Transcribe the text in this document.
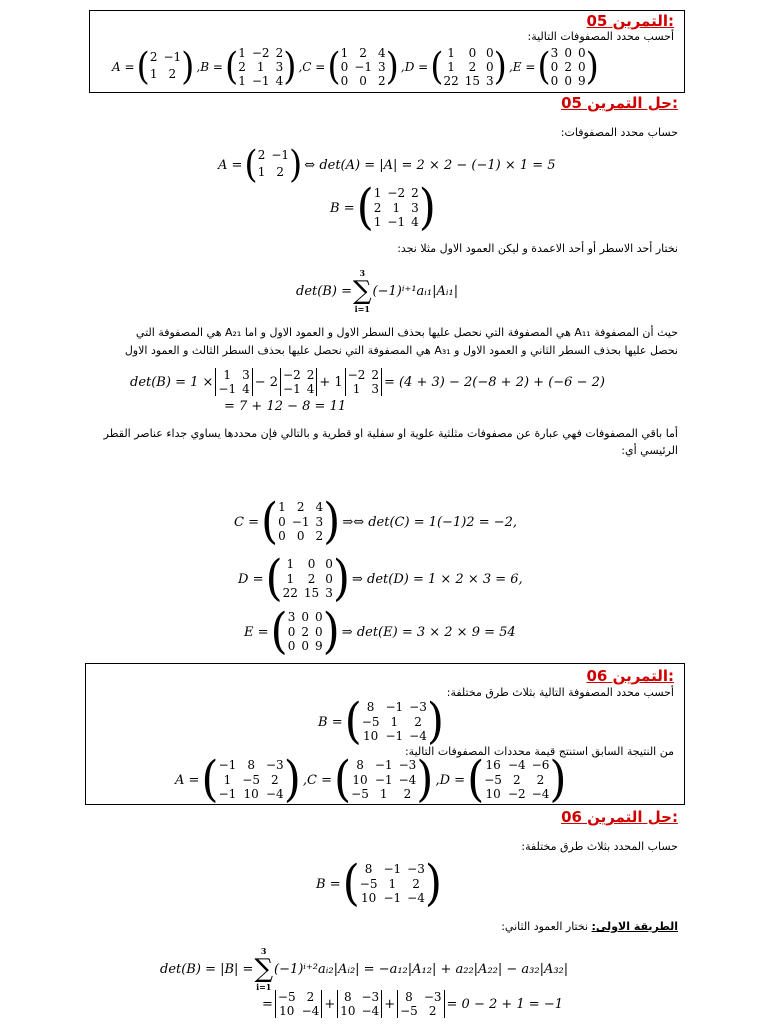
التمرين 05:
أحسب محدد المصفوفات التالية:
A = ( 2 −1
1 2 ) , B = ( 1 −2 2
2 1 3
1 −1 4 ) , C = ( 1 2 4
0 −1 3
0 0 2 ) , D = ( 1	0 0
1	2 0
22 15 3 ) , E = ( 3 0 0
0 2 0
0 0 9 )
حل التمرين 05:
حساب محدد المصفوفات:
A = ( 2 −1
1 2 ) ⇔ det(A) = |A| = 2 × 2 − (−1) × 1 = 5
B = ( 1 −2 2
2 1 3
1 −1 4 )
نختار أحد الاسطر أو أحد الاعمدة و ليكن العمود الاول مثلا نجد:
det(B) =
3
∑
i=1
(−1)ⁱ⁺¹aᵢ₁|Aᵢ₁|
حيث أن المصفوفة A₁₁ هي المصفوفة التي نحصل عليها بحذف السطر الاول و العمود الاول و اما A₂₁ هي المصفوفة التي
نحصل عليها بحذف السطر الثاني و العمود الاول و A₃₁ هي المصفوفة التي نحصل عليها بحذف السطر الثالث و العمود الاول
det(B) = 1 × 1 3
−1 4 − 2 −2 2
−1 4 + 1 −2 2
1 3 = (4 + 3) − 2(−8 + 2) + (−6 − 2)
= 7 + 12 − 8 = 11
أما باقي المصفوفات فهي عبارة عن مصفوفات مثلثية علوية او سفلية او قطرية و بالتالي فإن محددها يساوي جداء عناصر القطر
الرئيسي أي:
C = ( 1 2 4
0 −1 3
0 0 2 ) ⇒⇔ det(C) = 1(−1)2 = −2,
D = ( 1	0 0
1	2 0
22 15 3 ) ⇒ det(D) = 1 × 2 × 3 = 6,
E = ( 3 0 0
0 2 0
0 0 9 ) ⇒ det(E) = 3 × 2 × 9 = 54
التمرين 06:
أحسب محدد المصفوفة التالية بثلاث طرق مختلفة:
B = ( 8 −1 −3
−5 1	2
10 −1 −4 )
من النتيجة السابق استنتج قيمة محددات المصفوفات التالية:
A = ( −1 8 −3
1 −5 2
−1 10 −4 ) , C = ( 8 −1 −3
10 −1 −4
−5 1	2 ) , D = ( 16 −4 −6
−5 2	2
10 −2 −4 )
حل التمرين 06:
حساب المحدد بثلاث طرق مختلفة:
B = ( 8 −1 −3
−5 1	2
10 −1 −4 )
الطريقة الاولى: نختار العمود الثاني:
det(B) = |B| =
3
∑
i=1
(−1)ⁱ⁺²aᵢ₂|Aᵢ₂| = −a₁₂|A₁₂| + a₂₂|A₂₂| − a₃₂|A₃₂|
= −5 2
10 −4 + 8 −3
10 −4 + 8 −3
−5 2 = 0 − 2 + 1 = −1
